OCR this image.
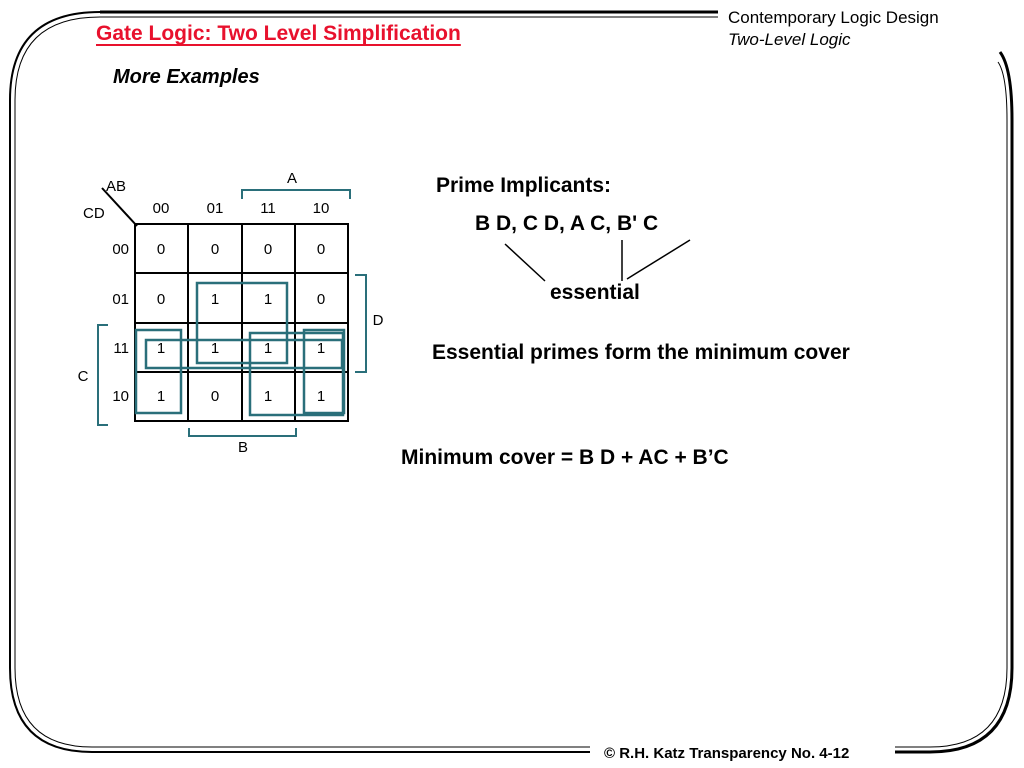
Gate Logic: Two Level Simplification
More Examples
Contemporary Logic Design
Two-Level Logic
© R.H. Katz Transparency No. 4-12
AB
CD	00 01 11 10
00
01
11
10
0	0	0	0
0	1	1	0
1	1	1	1
1	0	1	1
A
D
C
B
Prime Implicants:
B D, C D, A C, B' C
essential
Essential primes form the minimum cover
Minimum cover = B D + AC + B’C
